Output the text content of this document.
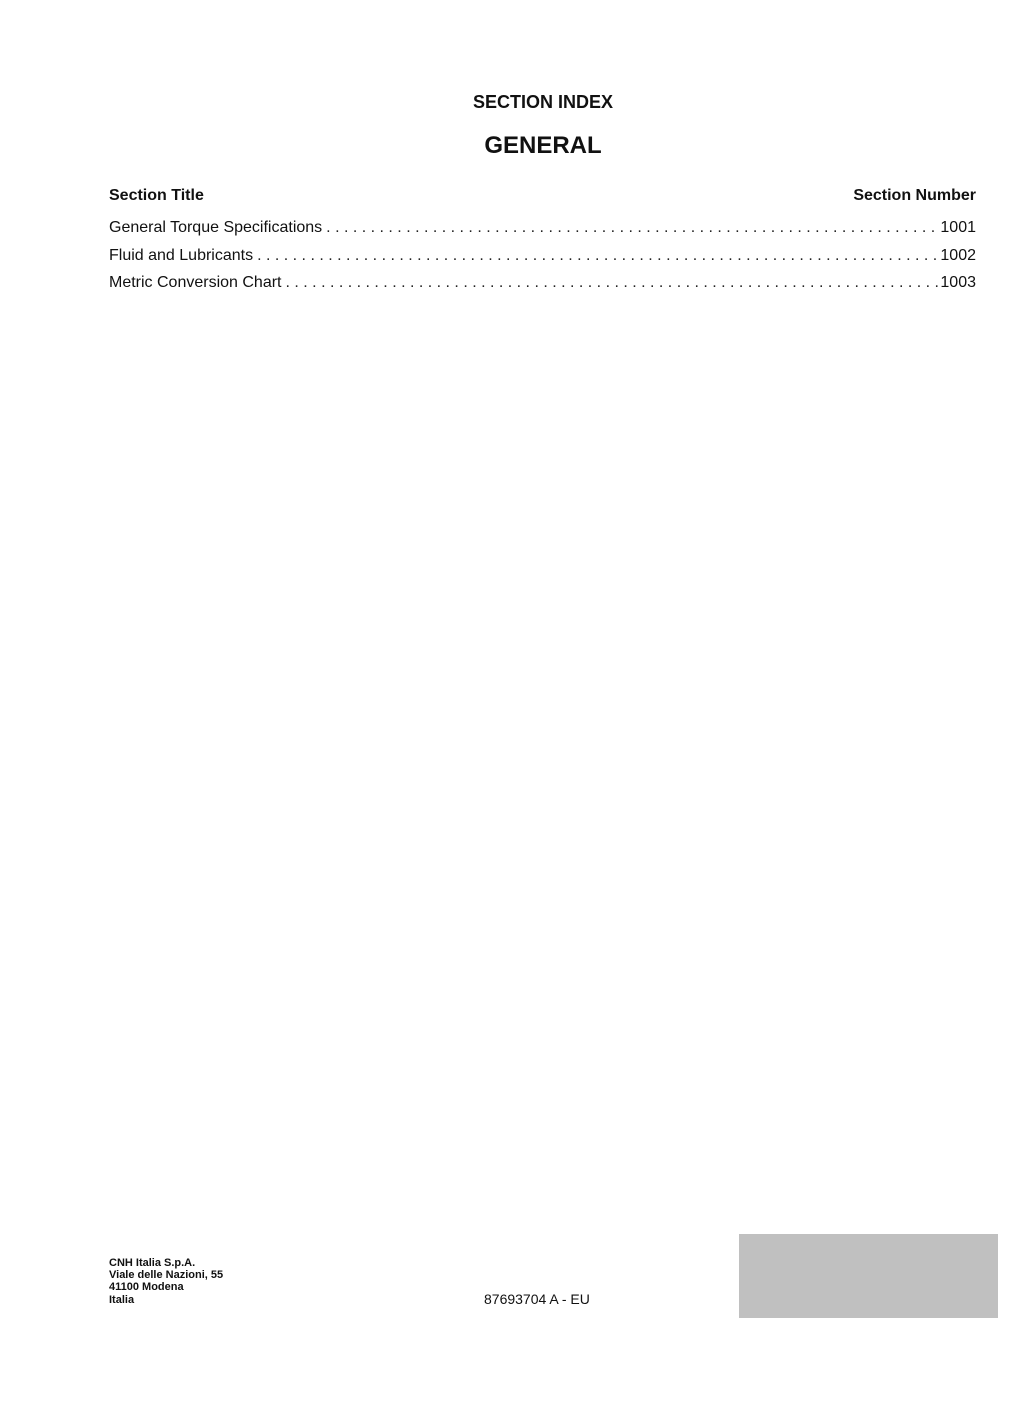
SECTION INDEX
GENERAL
Section Title	Section Number
General Torque Specifications . . .	1001
Fluid and Lubricants . . .	1002
Metric Conversion Chart . . .	1003
CNH Italia S.p.A.
Viale delle Nazioni, 55
41100 Modena
Italia	87693704 A - EU
